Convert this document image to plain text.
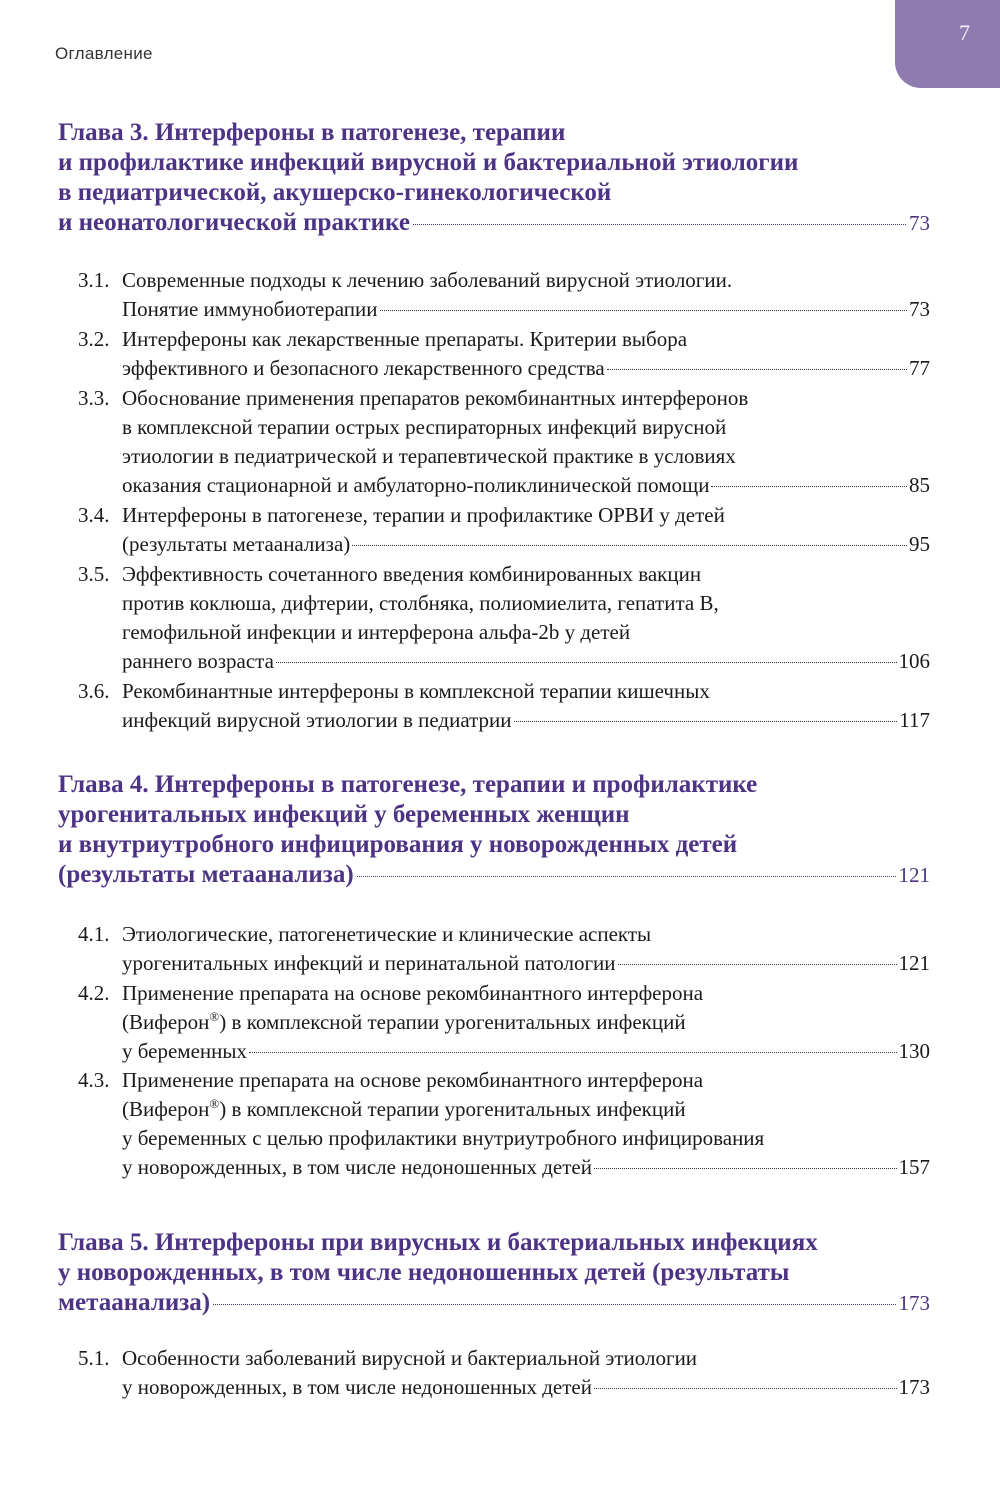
7
Оглавление
Глава 3. Интерфероны в патогенезе, терапии
и профилактике инфекций вирусной и бактериальной этиологии
в педиатрической, акушерско-гинекологической
и неонатологической практике	73
3.1. Современные подходы к лечению заболеваний вирусной этиологии.
Понятие иммунобиотерапии	73
3.2. Интерфероны как лекарственные препараты. Критерии выбора
эффективного и безопасного лекарственного средства	77
3.3. Обоснование применения препаратов рекомбинантных интерферонов
в комплексной терапии острых респираторных инфекций вирусной
этиологии в педиатрической и терапевтической практике в условиях
оказания стационарной и амбулаторно-поликлинической помощи	85
3.4. Интерфероны в патогенезе, терапии и профилактике ОРВИ у детей
(результаты метаанализа)	95
3.5. Эффективность сочетанного введения комбинированных вакцин
против коклюша, дифтерии, столбняка, полиомиелита, гепатита В,
гемофильной инфекции и интерферона альфа-2b у детей
раннего возраста	106
3.6. Рекомбинантные интерфероны в комплексной терапии кишечных
инфекций вирусной этиологии в педиатрии	117
Глава 4. Интерфероны в патогенезе, терапии и профилактике
урогенитальных инфекций у беременных женщин
и внутриутробного инфицирования у новорожденных детей
(результаты метаанализа)	121
4.1. Этиологические, патогенетические и клинические аспекты
урогенитальных инфекций и перинатальной патологии	121
4.2. Применение препарата на основе рекомбинантного интерферона
(Виферон®) в комплексной терапии урогенитальных инфекций
у беременных	130
4.3. Применение препарата на основе рекомбинантного интерферона
(Виферон®) в комплексной терапии урогенитальных инфекций
у беременных с целью профилактики внутриутробного инфицирования
у новорожденных, в том числе недоношенных детей	157
Глава 5. Интерфероны при вирусных и бактериальных инфекциях
у новорожденных, в том числе недоношенных детей (результаты
метаанализа)	173
5.1. Особенности заболеваний вирусной и бактериальной этиологии
у новорожденных, в том числе недоношенных детей	173
